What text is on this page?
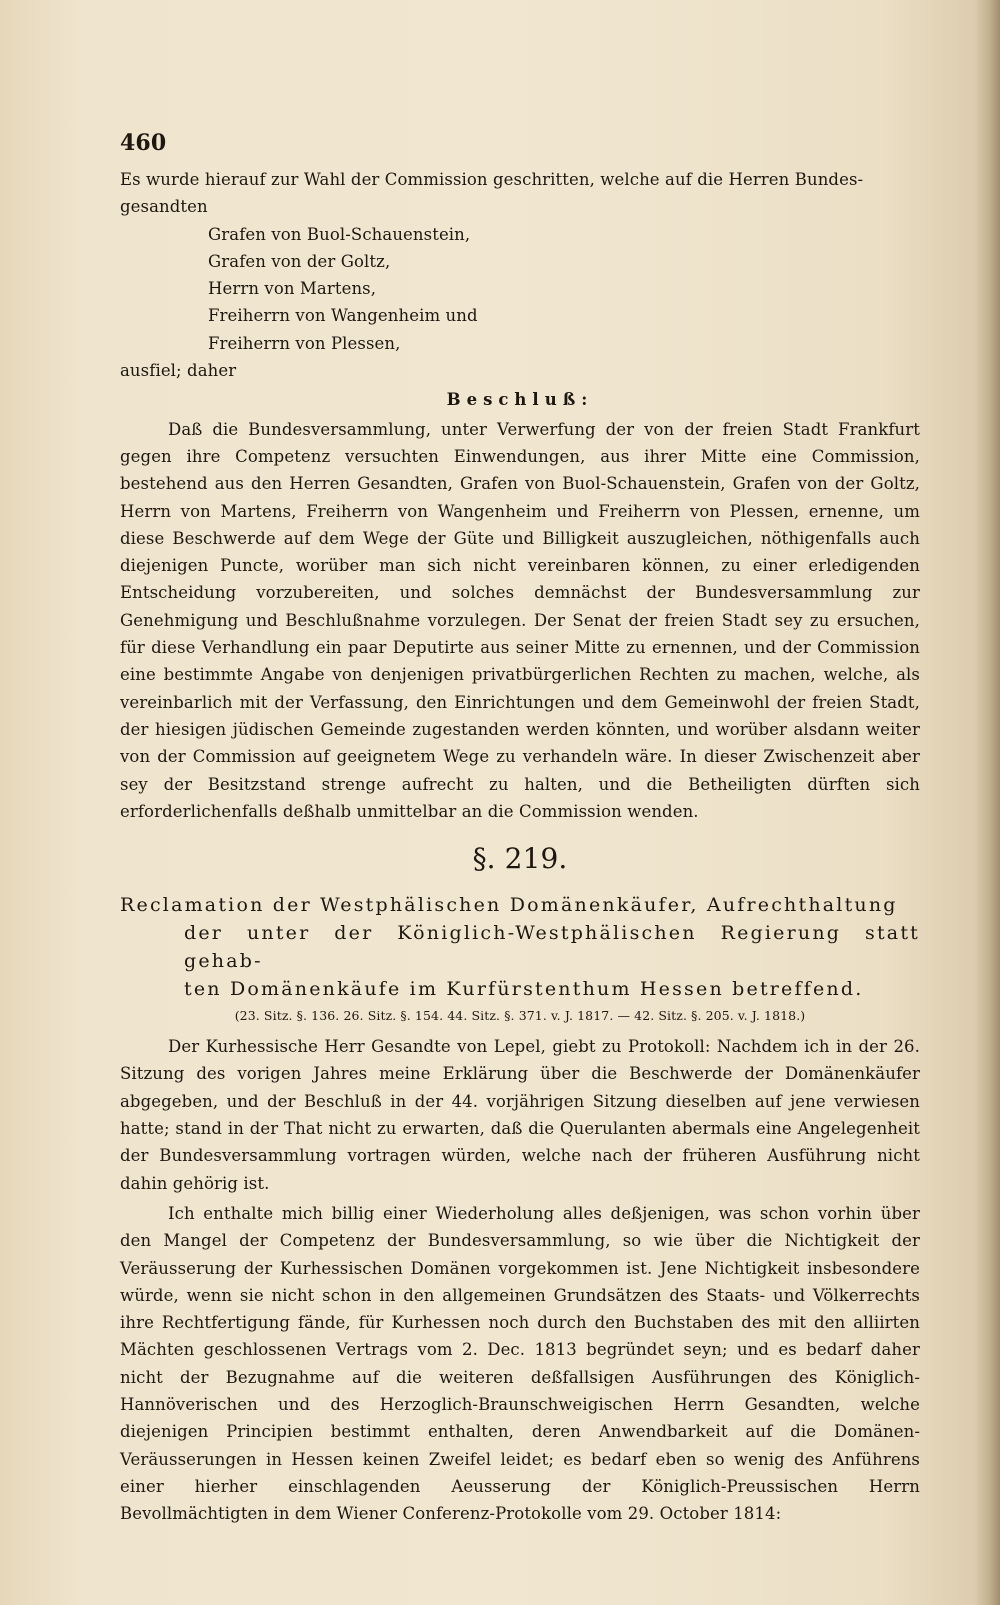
460

Es wurde hierauf zur Wahl der Commission geschritten, welche auf die Herren Bundes-

gesandten

Grafen von Buol-Schauenstein,
Grafen von der Goltz,
Herrn von Martens,
Freiherrn von Wangenheim und
Freiherrn von Plessen,

ausfiel; daher

Beschluß:

Daß die Bundesversammlung, unter Verwerfung der von der freien Stadt Frankfurt gegen ihre Competenz versuchten Einwendungen, aus ihrer Mitte eine Commission, bestehend aus den Herren Gesandten, Grafen von Buol-Schauenstein, Grafen von der Goltz, Herrn von Martens, Freiherrn von Wangenheim und Freiherrn von Plessen, ernenne, um diese Beschwerde auf dem Wege der Güte und Billigkeit auszugleichen, nöthigenfalls auch diejenigen Puncte, worüber man sich nicht vereinbaren können, zu einer erledigenden Entscheidung vorzubereiten, und solches demnächst der Bundesversammlung zur Genehmigung und Beschlußnahme vorzulegen. Der Senat der freien Stadt sey zu ersuchen, für diese Verhandlung ein paar Deputirte aus seiner Mitte zu ernennen, und der Commission eine bestimmte Angabe von denjenigen privatbürgerlichen Rechten zu machen, welche, als vereinbarlich mit der Verfassung, den Einrichtungen und dem Gemeinwohl der freien Stadt, der hiesigen jüdischen Gemeinde zugestanden werden könnten, und worüber alsdann weiter von der Commission auf geeignetem Wege zu verhandeln wäre. In dieser Zwischenzeit aber sey der Besitzstand strenge aufrecht zu halten, und die Betheiligten dürften sich erforderlichenfalls deßhalb unmittelbar an die Commission wenden.

§. 219.
Reclamation der Westphälischen Domänenkäufer, Aufrechthaltung
der unter der Königlich-Westphälischen Regierung statt gehab-
ten Domänenkäufe im Kurfürstenthum Hessen betreffend.
(23. Sitz. §. 136. 26. Sitz. §. 154. 44. Sitz. §. 371. v. J. 1817. — 42. Sitz. §. 205. v. J. 1818.)

Der Kurhessische Herr Gesandte von Lepel, giebt zu Protokoll: Nachdem ich in der 26. Sitzung des vorigen Jahres meine Erklärung über die Beschwerde der Domänenkäufer abgegeben, und der Beschluß in der 44. vorjährigen Sitzung dieselben auf jene verwiesen hatte; stand in der That nicht zu erwarten, daß die Querulanten abermals eine Angelegenheit der Bundesversammlung vortragen würden, welche nach der früheren Ausführung nicht dahin gehörig ist.

Ich enthalte mich billig einer Wiederholung alles deßjenigen, was schon vorhin über den Mangel der Competenz der Bundesversammlung, so wie über die Nichtigkeit der Veräusserung der Kurhessischen Domänen vorgekommen ist. Jene Nichtigkeit insbesondere würde, wenn sie nicht schon in den allgemeinen Grundsätzen des Staats- und Völkerrechts ihre Rechtfertigung fände, für Kurhessen noch durch den Buchstaben des mit den alliirten Mächten geschlossenen Vertrags vom 2. Dec. 1813 begründet seyn; und es bedarf daher nicht der Bezugnahme auf die weiteren deßfallsigen Ausführungen des Königlich-Hannöverischen und des Herzoglich-Braunschweigischen Herrn Gesandten, welche diejenigen Principien bestimmt enthalten, deren Anwendbarkeit auf die Domänen-Veräusserungen in Hessen keinen Zweifel leidet; es bedarf eben so wenig des Anführens einer hierher einschlagenden Aeusserung der Königlich-Preussischen Herrn Bevollmächtigten in dem Wiener Conferenz-Protokolle vom 29. October 1814:
